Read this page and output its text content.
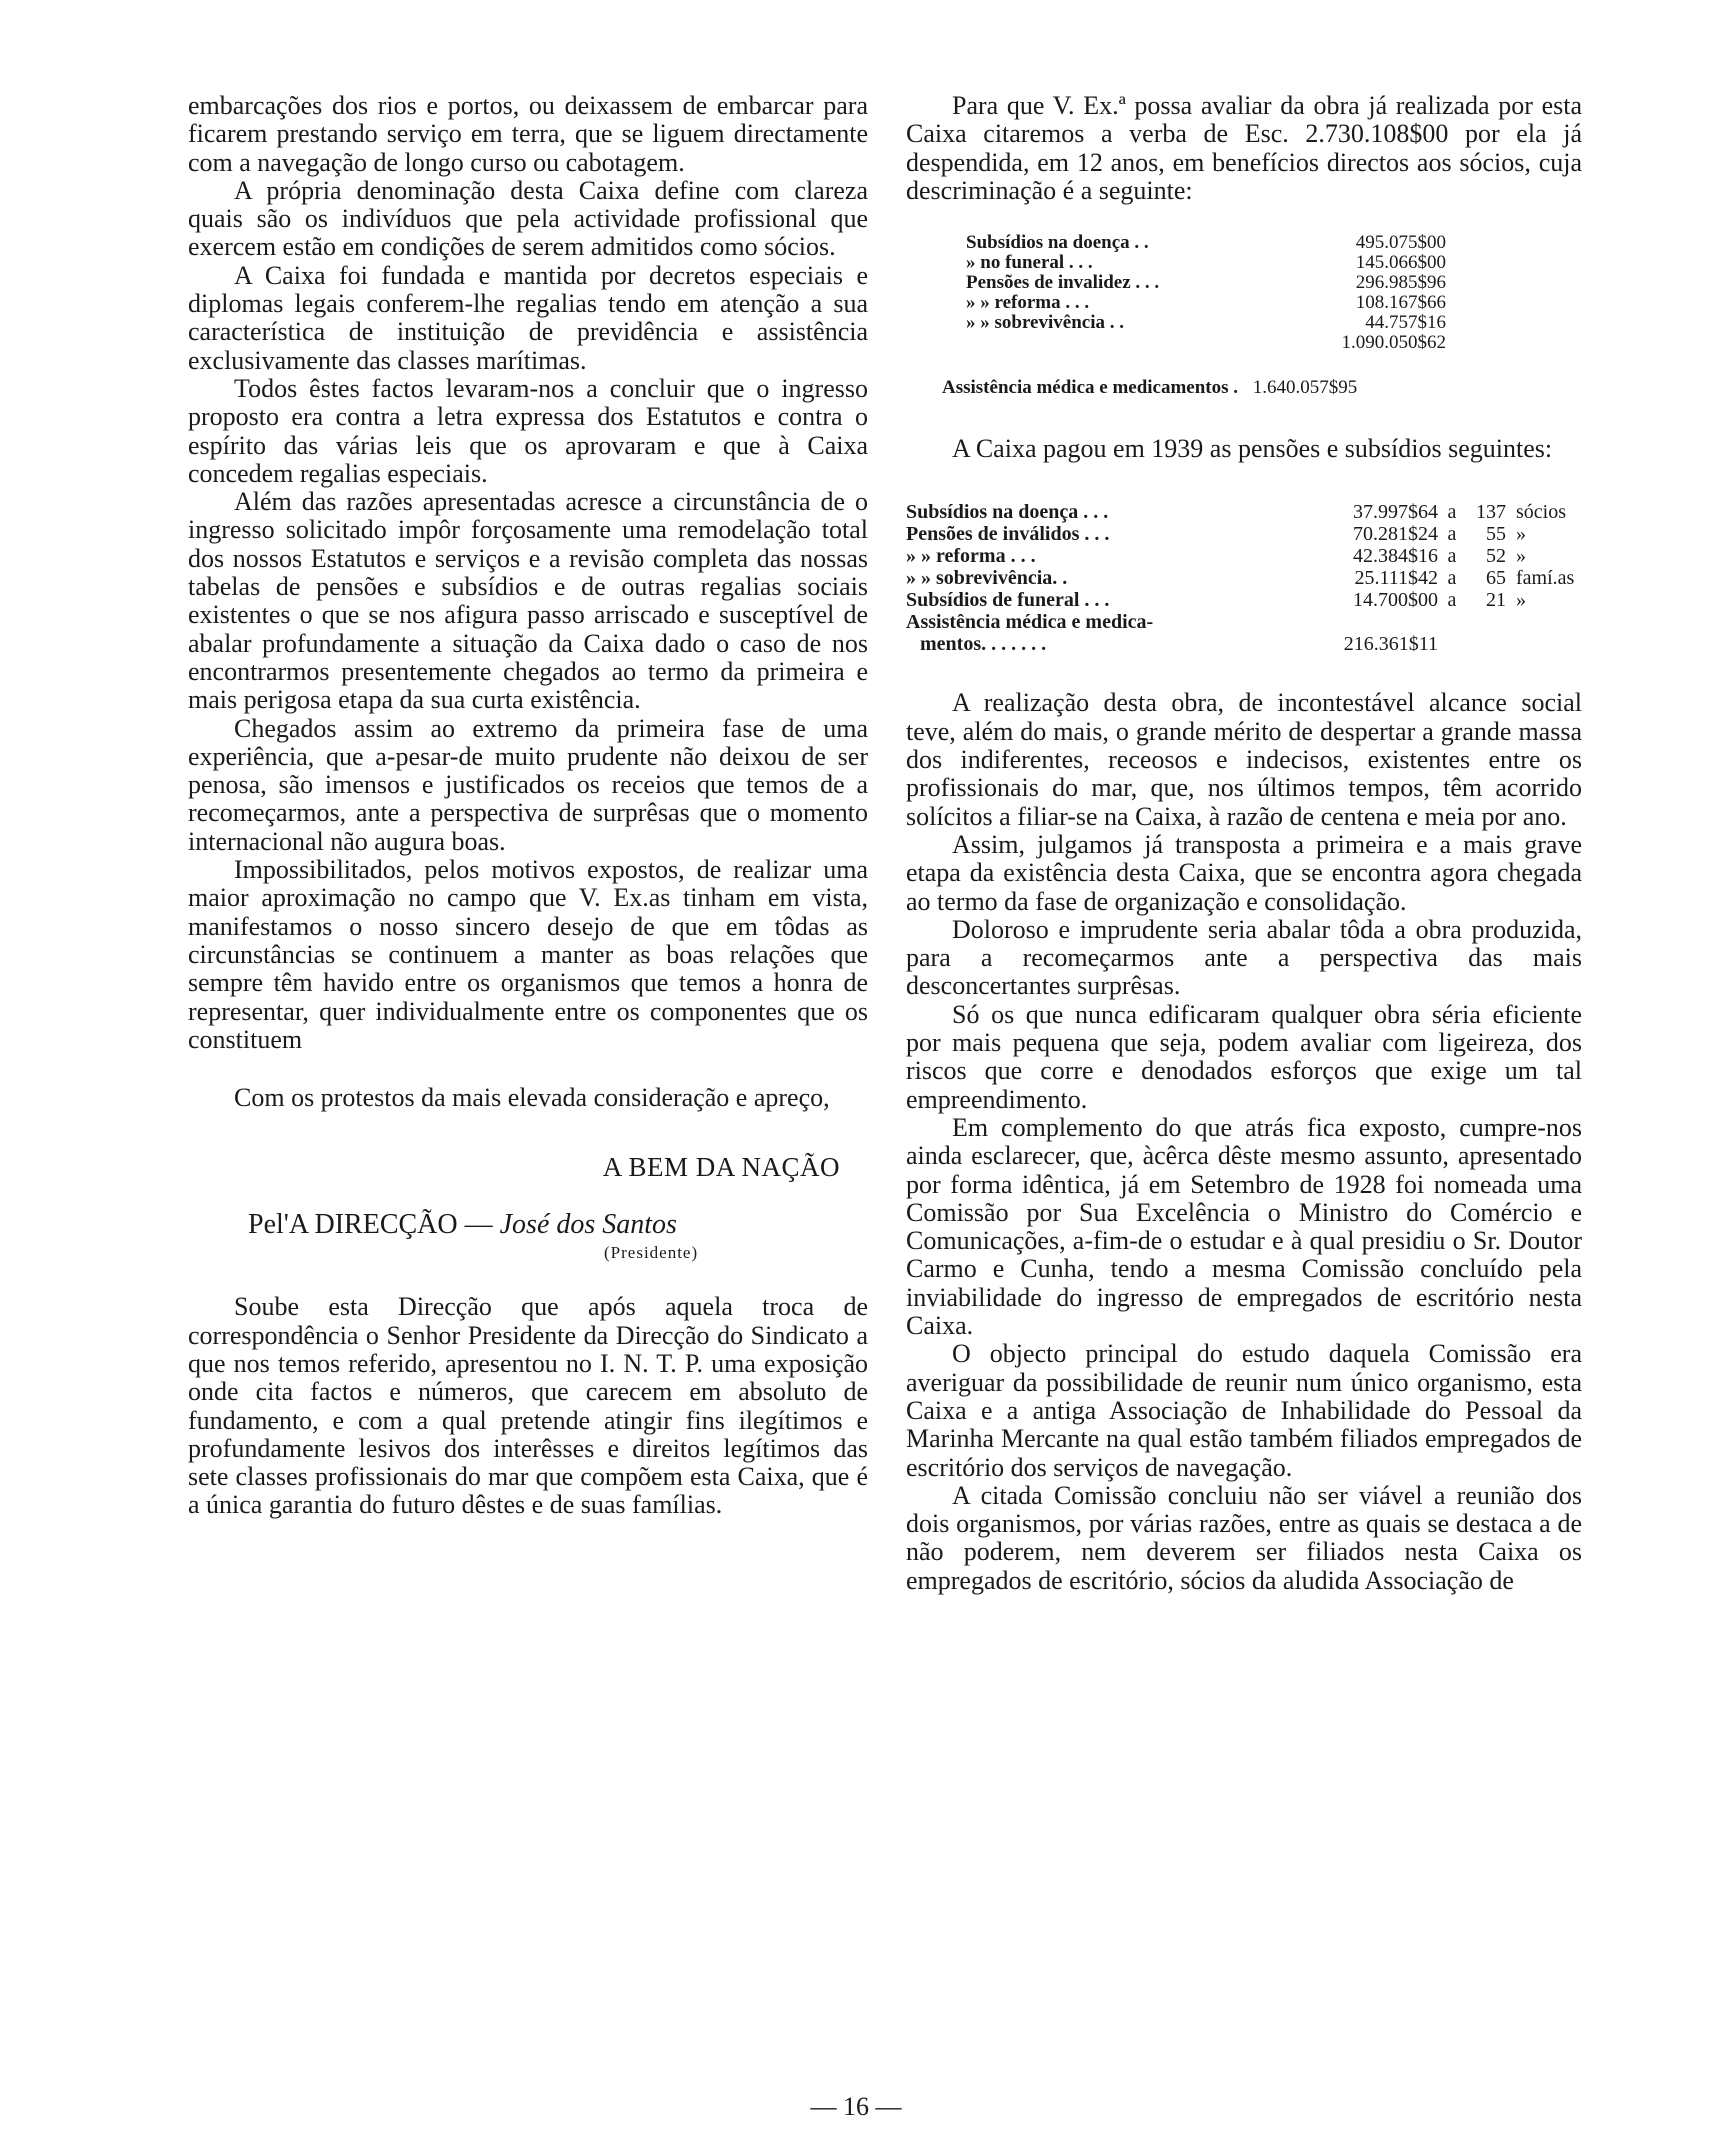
embarcações dos rios e portos, ou deixassem de embarcar para ficarem prestando serviço em terra, que se liguem directamente com a navegação de longo curso ou cabotagem.

A própria denominação desta Caixa define com clareza quais são os indivíduos que pela actividade profissional que exercem estão em condições de serem admitidos como sócios.

A Caixa foi fundada e mantida por decretos especiais e diplomas legais conferem-lhe regalias tendo em atenção a sua característica de instituição de previdência e assistência exclusivamente das classes marítimas.

Todos êstes factos levaram-nos a concluir que o ingresso proposto era contra a letra expressa dos Estatutos e contra o espírito das várias leis que os aprovaram e que à Caixa concedem regalias especiais.

Além das razões apresentadas acresce a circunstância de o ingresso solicitado impôr forçosamente uma remodelação total dos nossos Estatutos e serviços e a revisão completa das nossas tabelas de pensões e subsídios e de outras regalias sociais existentes o que se nos afigura passo arriscado e susceptível de abalar profundamente a situação da Caixa dado o caso de nos encontrarmos presentemente chegados ao termo da primeira e mais perigosa etapa da sua curta existência.

Chegados assim ao extremo da primeira fase de uma experiência, que a-pesar-de muito prudente não deixou de ser penosa, são imensos e justificados os receios que temos de a recomeçarmos, ante a perspectiva de surprêsas que o momento internacional não augura boas.

Impossibilitados, pelos motivos expostos, de realizar uma maior aproximação no campo que V. Ex.as tinham em vista, manifestamos o nosso sincero desejo de que em tôdas as circunstâncias se continuem a manter as boas relações que sempre têm havido entre os organismos que temos a honra de representar, quer individualmente entre os componentes que os constituem

Com os protestos da mais elevada consideração e apreço,

A BEM DA NAÇÃO
Pel'A DIRECÇÃO — José dos Santos
(Presidente)

Soube esta Direcção que após aquela troca de correspondência o Senhor Presidente da Direcção do Sindicato a que nos temos referido, apresentou no I. N. T. P. uma exposição onde cita factos e números, que carecem em absoluto de fundamento, e com a qual pretende atingir fins ilegítimos e profundamente lesivos dos interêsses e direitos legítimos das sete classes profissionais do mar que compõem esta Caixa, que é a única garantia do futuro dêstes e de suas famílias.

Para que V. Ex.ª possa avaliar da obra já realizada por esta Caixa citaremos a verba de Esc. 2.730.108$00 por ela já despendida, em 12 anos, em benefícios directos aos sócios, cuja descriminação é a seguinte:

Subsídios na doença . .	495.075$00
» no funeral . . .	145.066$00
Pensões de invalidez . . .	296.985$96
» » reforma . . .	108.167$66
» » sobrevivência . .	44.757$16
	1.090.050$62
Assistência médica e medicamentos . 1.640.057$95

A Caixa pagou em 1939 as pensões e subsídios seguintes:

Subsídios na doença . . .	37.997$64	a	137	sócios
Pensões de inválidos . . .	70.281$24	a	55	»
» » reforma . . .	42.384$16	a	52	»
» » sobrevivência. .	25.111$42	a	65	famí.as
Subsídios de funeral . . .	14.700$00	a	21	»
Assistência médica e medica-				
mentos. . . . . . .	216.361$11			

A realização desta obra, de incontestável alcance social teve, além do mais, o grande mérito de despertar a grande massa dos indiferentes, receosos e indecisos, existentes entre os profissionais do mar, que, nos últimos tempos, têm acorrido solícitos a filiar-se na Caixa, à razão de centena e meia por ano.

Assim, julgamos já transposta a primeira e a mais grave etapa da existência desta Caixa, que se encontra agora chegada ao termo da fase de organização e consolidação.

Doloroso e imprudente seria abalar tôda a obra produzida, para a recomeçarmos ante a perspectiva das mais desconcertantes surprêsas.

Só os que nunca edificaram qualquer obra séria eficiente por mais pequena que seja, podem avaliar com ligeireza, dos riscos que corre e denodados esforços que exige um tal empreendimento.

Em complemento do que atrás fica exposto, cumpre-nos ainda esclarecer, que, àcêrca dêste mesmo assunto, apresentado por forma idêntica, já em Setembro de 1928 foi nomeada uma Comissão por Sua Excelência o Ministro do Comércio e Comunicações, a-fim-de o estudar e à qual presidiu o Sr. Doutor Carmo e Cunha, tendo a mesma Comissão concluído pela inviabilidade do ingresso de empregados de escritório nesta Caixa.

O objecto principal do estudo daquela Comissão era averiguar da possibilidade de reunir num único organismo, esta Caixa e a antiga Associação de Inhabilidade do Pessoal da Marinha Mercante na qual estão também filiados empregados de escritório dos serviços de navegação.

A citada Comissão concluiu não ser viável a reunião dos dois organismos, por várias razões, entre as quais se destaca a de não poderem, nem deverem ser filiados nesta Caixa os empregados de escritório, sócios da aludida Associação de

— 16 —
